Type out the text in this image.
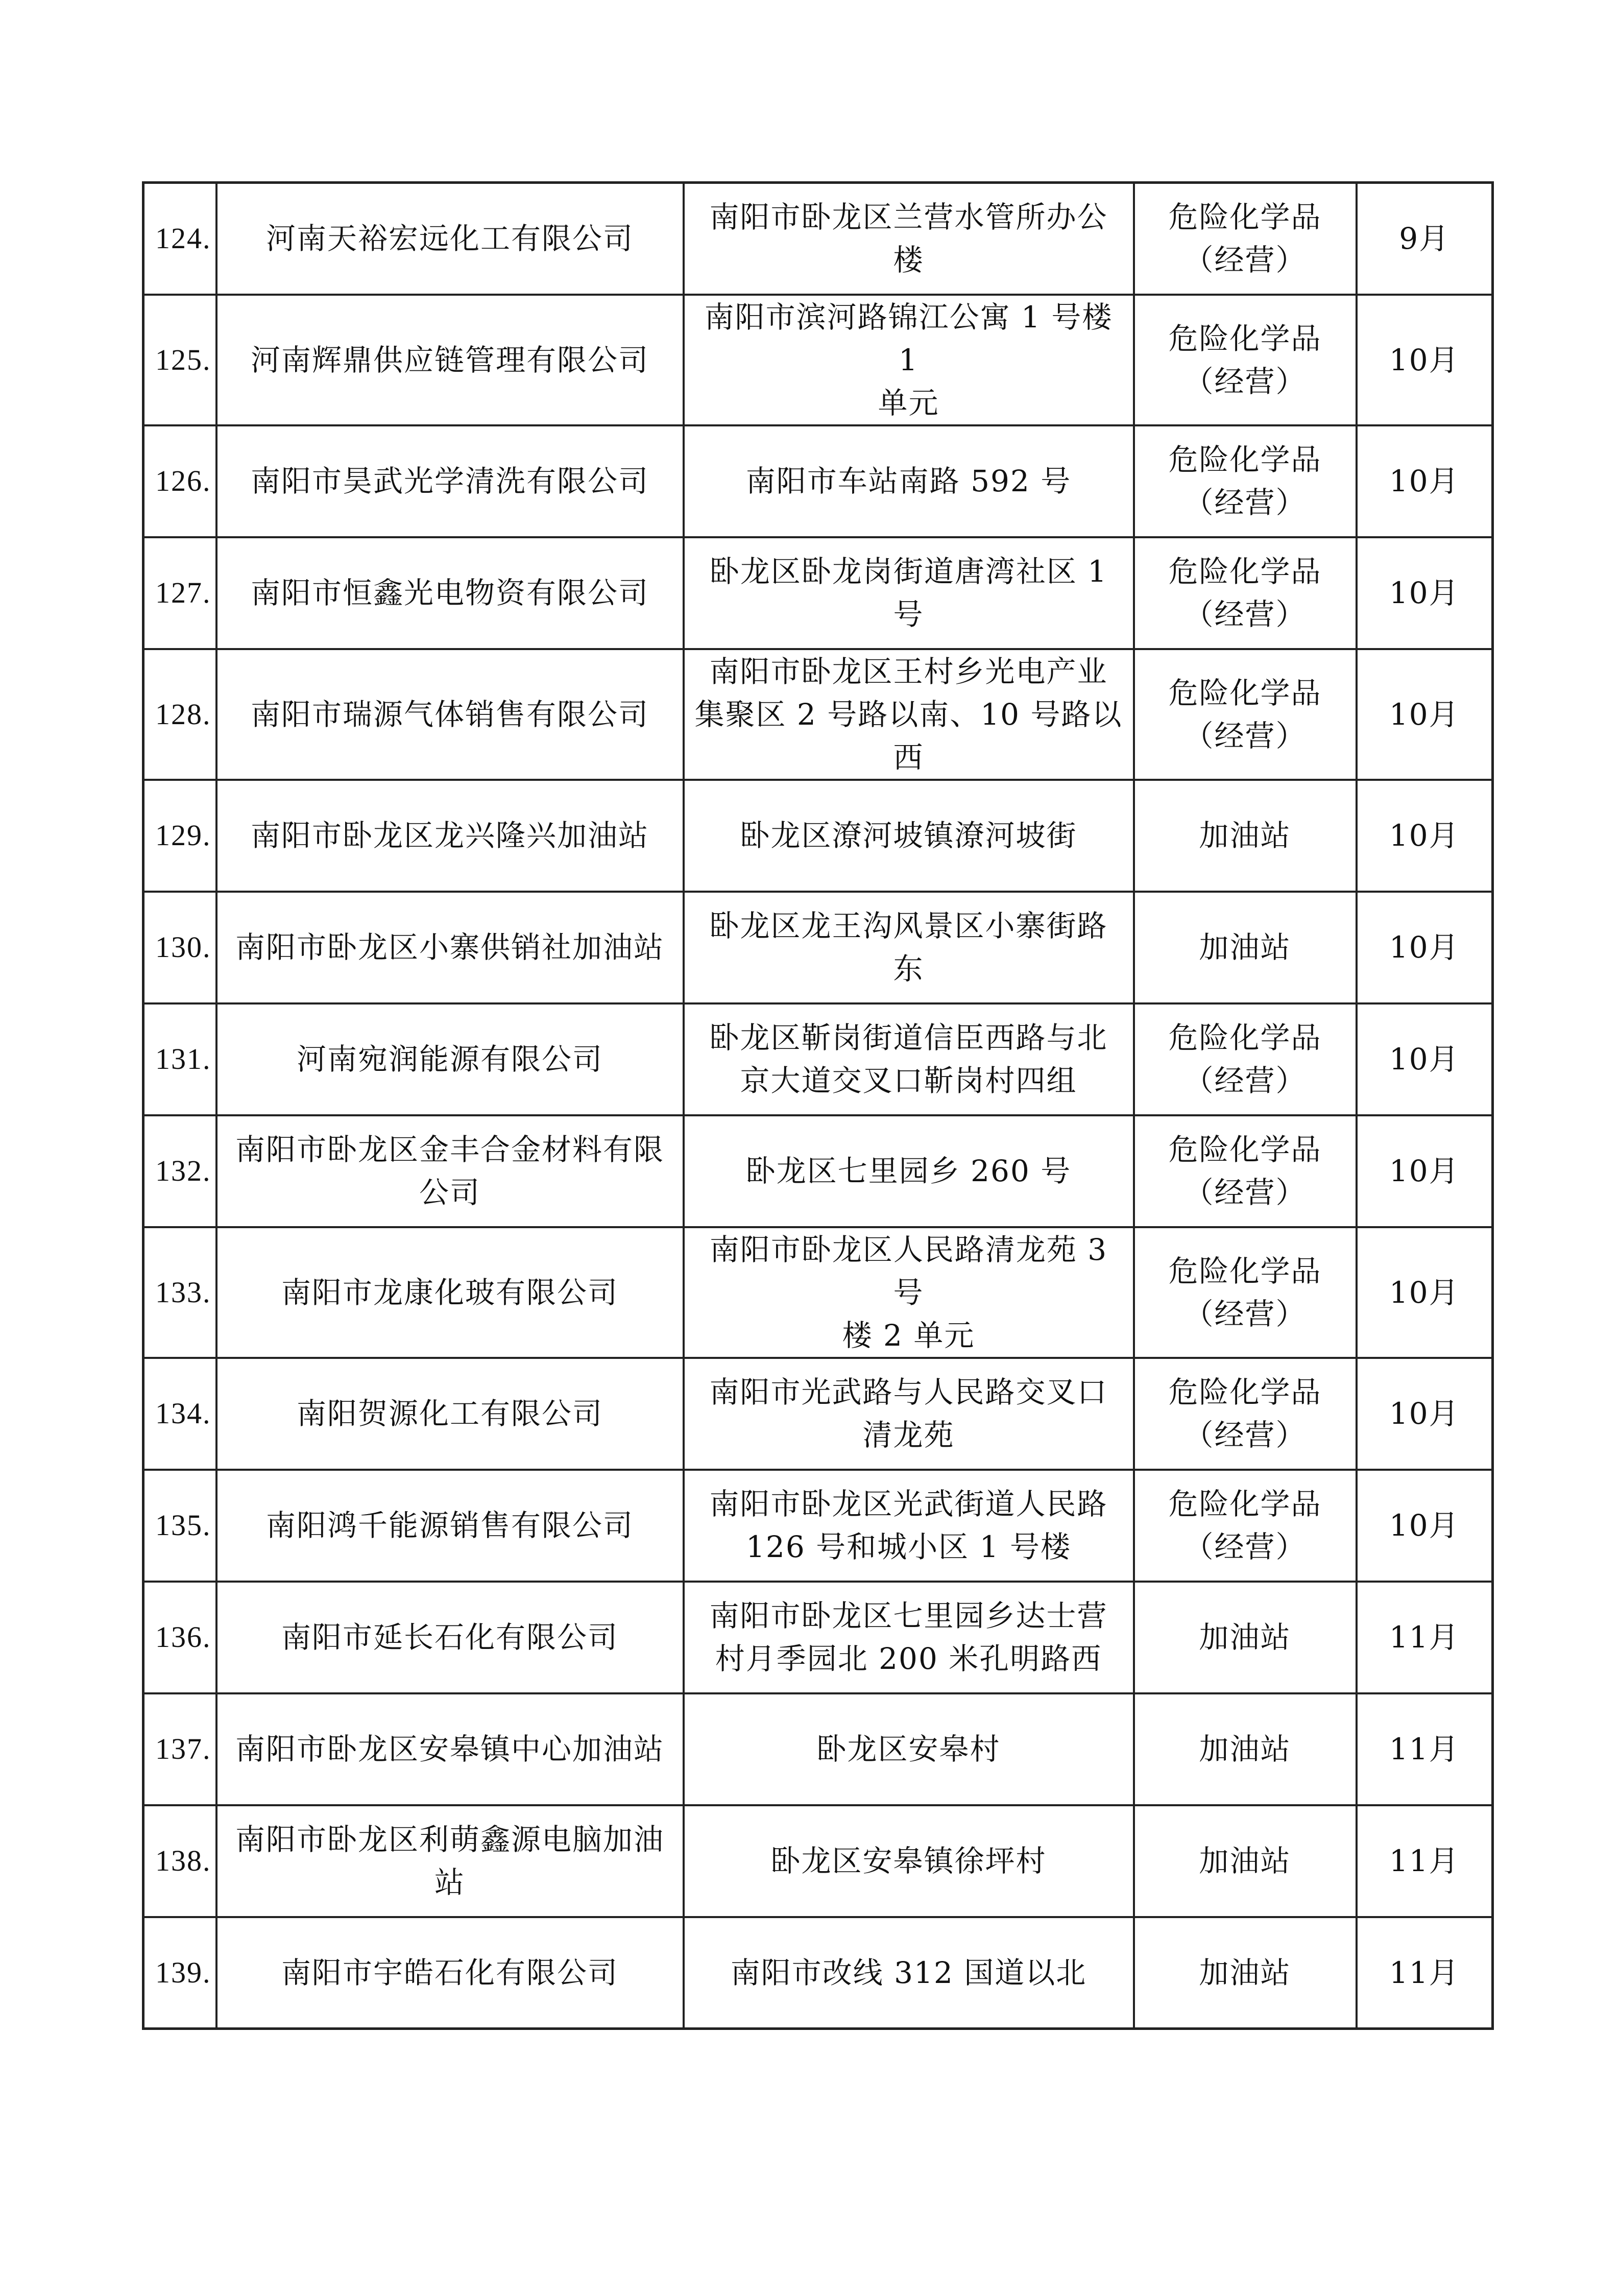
124.	河南天裕宏远化工有限公司	南阳市卧龙区兰营水管所办公
楼	危险化学品
（经营）	9月

125.	河南辉鼎供应链管理有限公司	南阳市滨河路锦江公寓 1 号楼 1
单元	危险化学品
（经营）	10月

126.	南阳市昊武光学清洗有限公司	南阳市车站南路 592 号	危险化学品
（经营）	10月

127.	南阳市恒鑫光电物资有限公司	卧龙区卧龙岗街道唐湾社区 1 号	危险化学品
（经营）	10月

128.	南阳市瑞源气体销售有限公司	南阳市卧龙区王村乡光电产业
集聚区 2 号路以南、10 号路以西	危险化学品
（经营）	10月

129.	南阳市卧龙区龙兴隆兴加油站	卧龙区潦河坡镇潦河坡街	加油站	10月

130.	南阳市卧龙区小寨供销社加油站	卧龙区龙王沟风景区小寨街路
东	加油站	10月

131.	河南宛润能源有限公司	卧龙区靳岗街道信臣西路与北
京大道交叉口靳岗村四组	危险化学品
（经营）	10月

132.	南阳市卧龙区金丰合金材料有限
公司	卧龙区七里园乡 260 号	危险化学品
（经营）	10月

133.	南阳市龙康化玻有限公司	南阳市卧龙区人民路清龙苑 3 号
楼 2 单元	危险化学品
（经营）	10月

134.	南阳贺源化工有限公司	南阳市光武路与人民路交叉口
清龙苑	危险化学品
（经营）	10月

135.	南阳鸿千能源销售有限公司	南阳市卧龙区光武街道人民路
126 号和城小区 1 号楼	危险化学品
（经营）	10月

136.	南阳市延长石化有限公司	南阳市卧龙区七里园乡达士营
村月季园北 200 米孔明路西	加油站	11月

137.	南阳市卧龙区安皋镇中心加油站	卧龙区安皋村	加油站	11月

138.	南阳市卧龙区利萌鑫源电脑加油
站	卧龙区安皋镇徐坪村	加油站	11月

139.	南阳市宇皓石化有限公司	南阳市改线 312 国道以北	加油站	11月
